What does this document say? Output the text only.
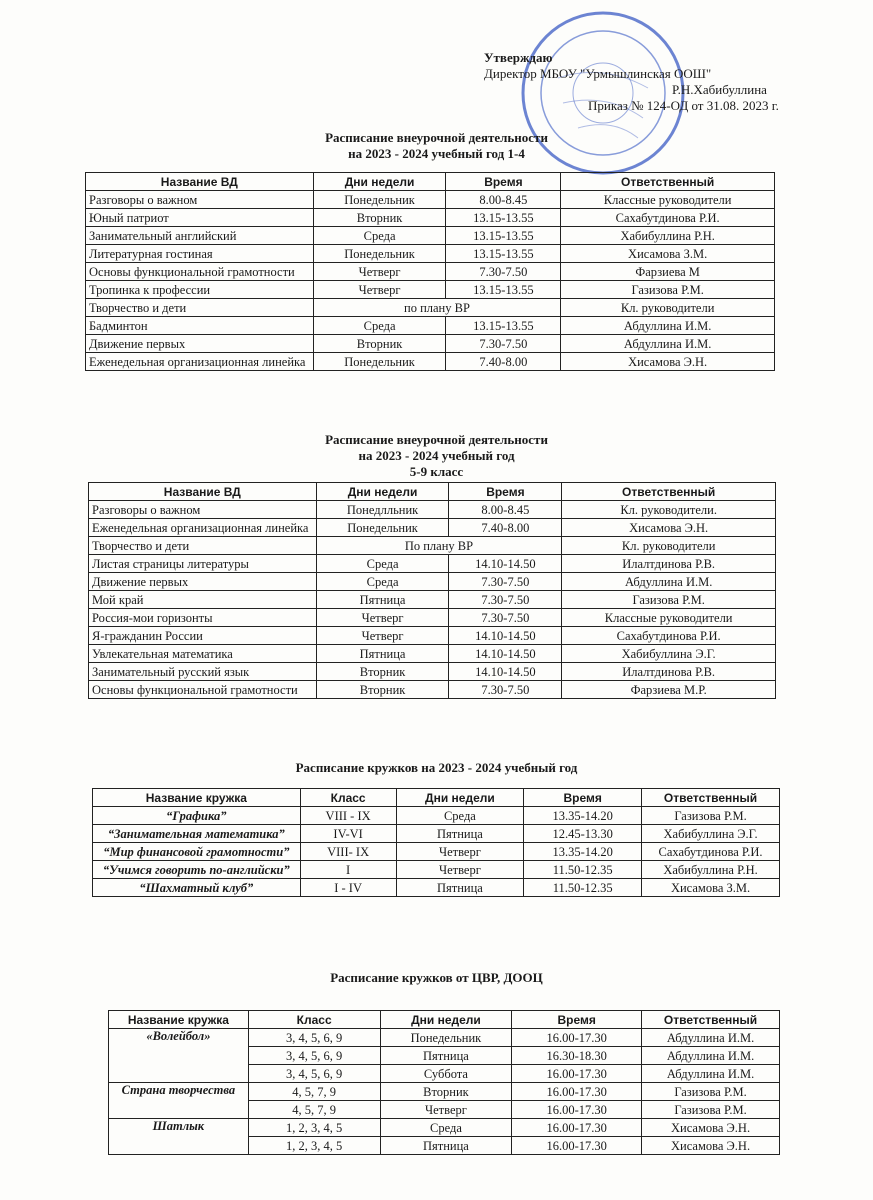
Утверждаю
Директор МБОУ "Урмышлинская ООШ"
Р.Н.Хабибуллина
Приказ № 124-ОД от 31.08. 2023 г.
Расписание внеурочной деятельности
на 2023 - 2024 учебный год 1-4
Название ВД	Дни недели	Время	Ответственный
Разговоры о важном	Понедельник	8.00-8.45	Классные руководители
Юный патриот	Вторник	13.15-13.55	Сахабутдинова Р.И.
Занимательный английский	Среда	13.15-13.55	Хабибуллина Р.Н.
Литературная гостиная	Понедельник	13.15-13.55	Хисамова З.М.
Основы функциональной грамотности	Четверг	7.30-7.50	Фарзиева М
Тропинка к профессии	Четверг	13.15-13.55	Газизова Р.М.
Творчество и дети	по плану ВР		Кл. руководители
Бадминтон	Среда	13.15-13.55	Абдуллина И.М.
Движение первых	Вторник	7.30-7.50	Абдуллина И.М.
Еженедельная организационная линейка	Понедельник	7.40-8.00	Хисамова Э.Н.
Расписание внеурочной деятельности
на 2023 - 2024 учебный год
5-9 класс
Название ВД	Дни недели	Время	Ответственный
Разговоры о важном	Понедлльник	8.00-8.45	Кл. руководители.
Еженедельная организационная линейка	Понедельник	7.40-8.00	Хисамова Э.Н.
Творчество и дети	По плану ВР		Кл. руководители
Листая страницы литературы	Среда	14.10-14.50	Илалтдинова Р.В.
Движение первых	Среда	7.30-7.50	Абдуллина И.М.
Мой край	Пятница	7.30-7.50	Газизова Р.М.
Россия-мои горизонты	Четверг	7.30-7.50	Классные руководители
Я-гражданин России	Четверг	14.10-14.50	Сахабутдинова Р.И.
Увлекательная математика	Пятница	14.10-14.50	Хабибуллина Э.Г.
Занимательный русский язык	Вторник	14.10-14.50	Илалтдинова Р.В.
Основы функциональной грамотности	Вторник	7.30-7.50	Фарзиева М.Р.
Расписание кружков на 2023 - 2024 учебный год
Название кружка	Класс	Дни недели	Время	Ответственный
“Графика”	VIII - IX	Среда	13.35-14.20	Газизова Р.М.
“Занимательная математика”	IV-VI	Пятница	12.45-13.30	Хабибуллина Э.Г.
“Мир финансовой грамотности”	VIII- IX	Четверг	13.35-14.20	Сахабутдинова Р.И.
“Учимся говорить по-английски”	I	Четверг	11.50-12.35	Хабибуллина Р.Н.
“Шахматный клуб”	I - IV	Пятница	11.50-12.35	Хисамова З.М.
Расписание кружков от ЦВР, ДООЦ
Название кружка	Класс	Дни недели	Время	Ответственный
«Волейбол»	3, 4, 5, 6, 9	Понедельник	16.00-17.30	Абдуллина И.М.
	3, 4, 5, 6, 9	Пятница	16.30-18.30	Абдуллина И.М.
	3, 4, 5, 6, 9	Суббота	16.00-17.30	Абдуллина И.М.
Страна творчества	4, 5, 7, 9	Вторник	16.00-17.30	Газизова Р.М.
	4, 5, 7, 9	Четверг	16.00-17.30	Газизова Р.М.
Шатлык	1, 2, 3, 4, 5	Среда	16.00-17.30	Хисамова Э.Н.
	1, 2, 3, 4, 5	Пятница	16.00-17.30	Хисамова Э.Н.
